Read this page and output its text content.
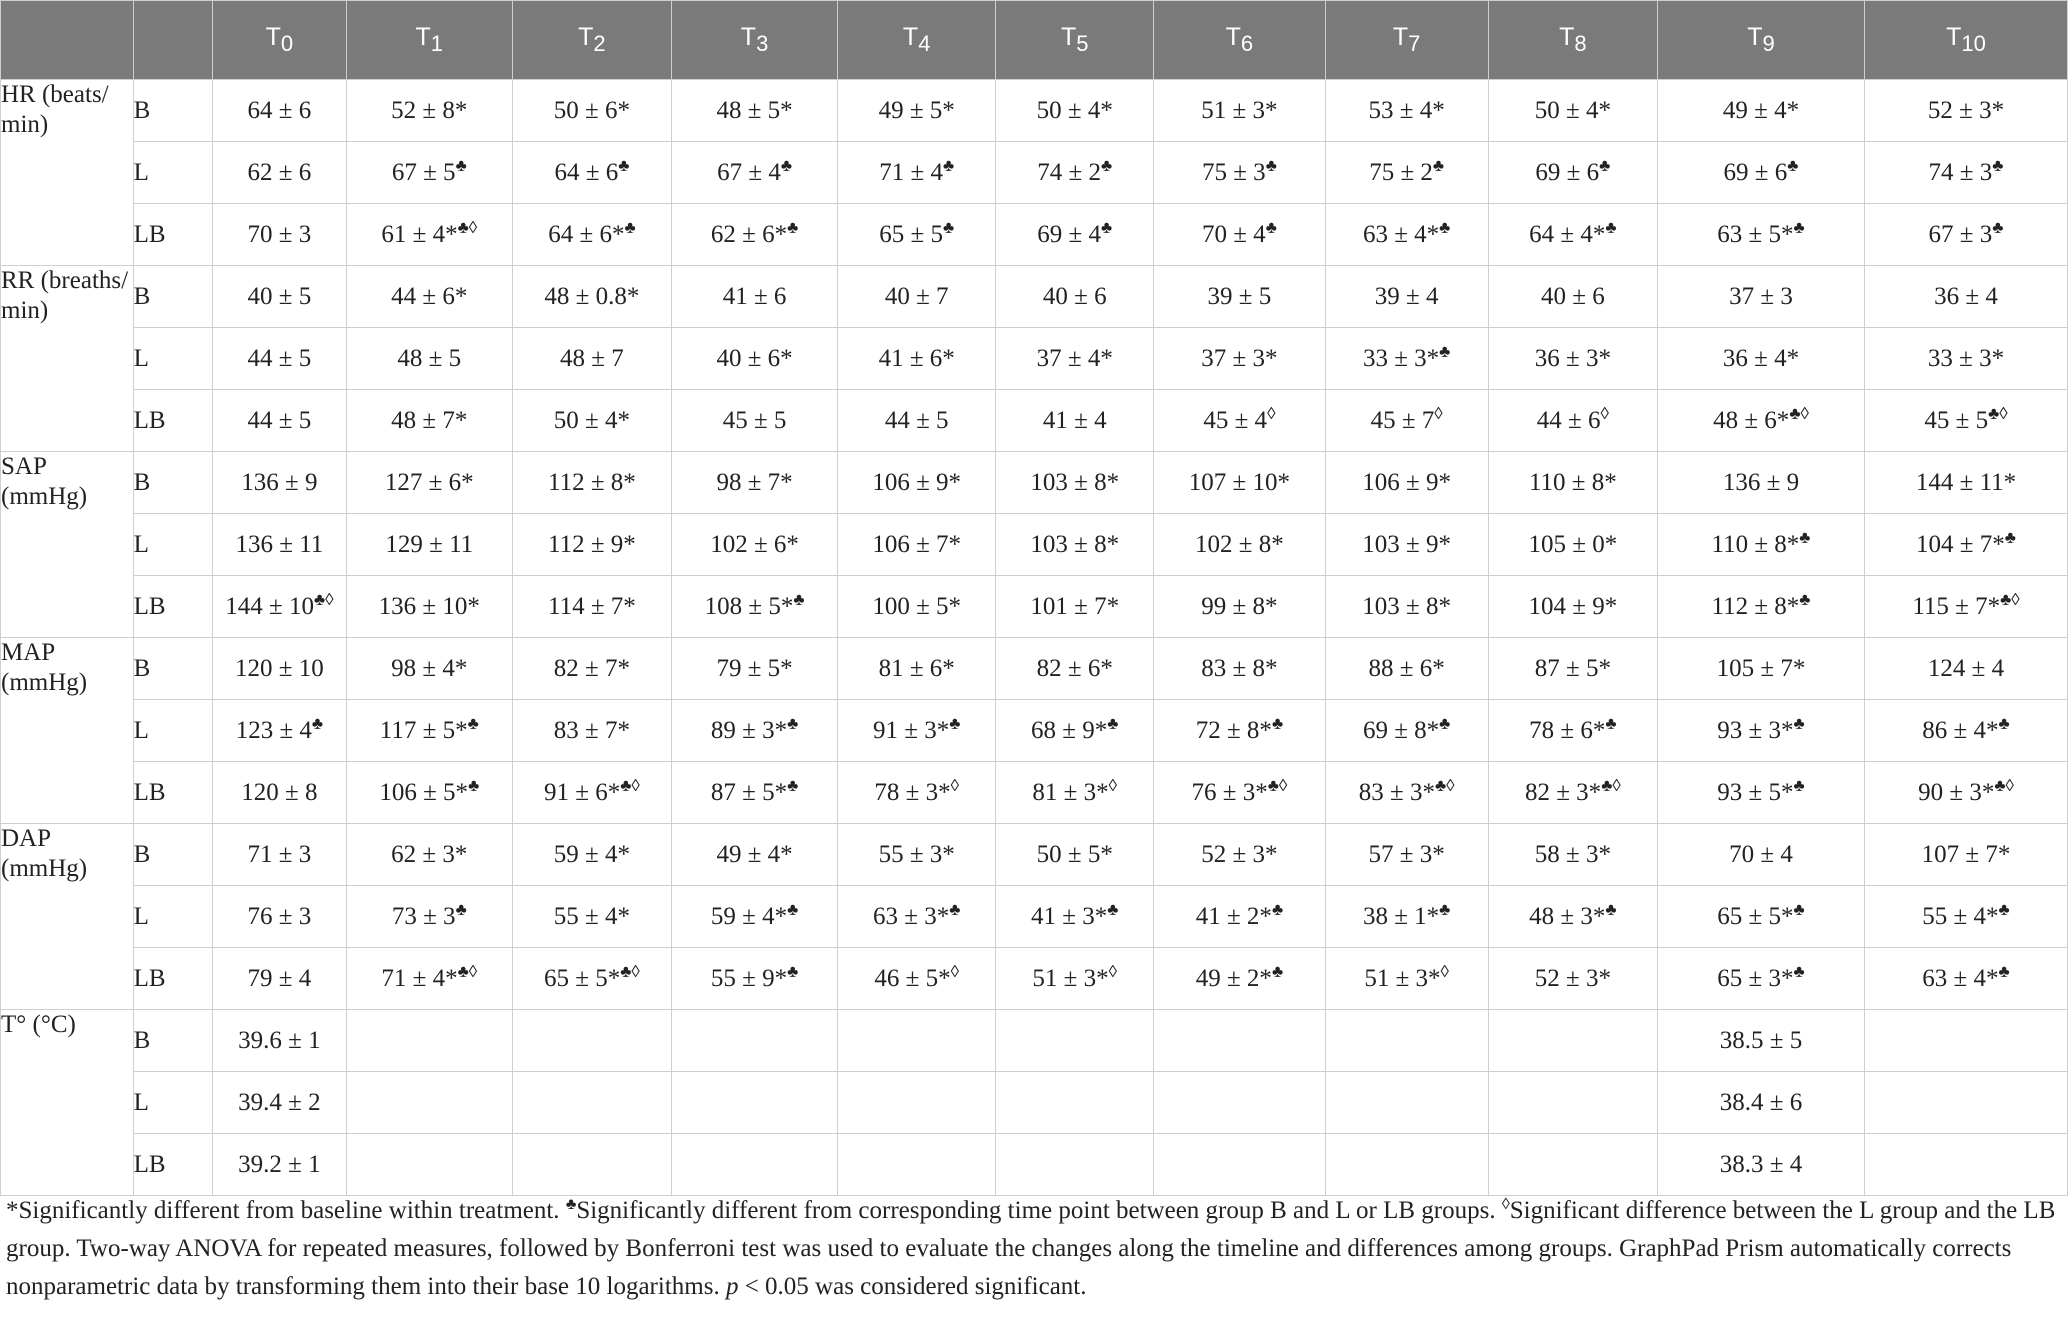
		$T_0$	$T_1$	$T_2$	$T_3$	$T_4$	$T_5$	$T_6$	$T_7$	$T_8$	$T_9$	$T_{10}$
HR (beats/ min)	B	64 ± 6	52 ± 8*	50 ± 6*	48 ± 5*	49 ± 5*	50 ± 4*	51 ± 3*	53 ± 4*	50 ± 4*	49 ± 4*	52 ± 3*
	L	62 ± 6	67 ± 5♣	64 ± 6♣	67 ± 4♣	71 ± 4♣	74 ± 2♣	75 ± 3♣	75 ± 2♣	69 ± 6♣	69 ± 6♣	74 ± 3♣
	LB	70 ± 3	61 ± 4*♣◊	64 ± 6*♣	62 ± 6*♣	65 ± 5♣	69 ± 4♣	70 ± 4♣	63 ± 4*♣	64 ± 4*♣	63 ± 5*♣	67 ± 3♣
RR (breaths/ min)	B	40 ± 5	44 ± 6*	48 ± 0.8*	41 ± 6	40 ± 7	40 ± 6	39 ± 5	39 ± 4	40 ± 6	37 ± 3	36 ± 4
	L	44 ± 5	48 ± 5	48 ± 7	40 ± 6*	41 ± 6*	37 ± 4*	37 ± 3*	33 ± 3*♣	36 ± 3*	36 ± 4*	33 ± 3*
	LB	44 ± 5	48 ± 7*	50 ± 4*	45 ± 5	44 ± 5	41 ± 4	45 ± 4◊	45 ± 7◊	44 ± 6◊	48 ± 6*♣◊	45 ± 5♣◊
SAP (mmHg)	B	136 ± 9	127 ± 6*	112 ± 8*	98 ± 7*	106 ± 9*	103 ± 8*	107 ± 10*	106 ± 9*	110 ± 8*	136 ± 9	144 ± 11*
	L	136 ± 11	129 ± 11	112 ± 9*	102 ± 6*	106 ± 7*	103 ± 8*	102 ± 8*	103 ± 9*	105 ± 0*	110 ± 8*♣	104 ± 7*♣
	LB	144 ± 10♣◊	136 ± 10*	114 ± 7*	108 ± 5*♣	100 ± 5*	101 ± 7*	99 ± 8*	103 ± 8*	104 ± 9*	112 ± 8*♣	115 ± 7*♣◊
MAP (mmHg)	B	120 ± 10	98 ± 4*	82 ± 7*	79 ± 5*	81 ± 6*	82 ± 6*	83 ± 8*	88 ± 6*	87 ± 5*	105 ± 7*	124 ± 4
	L	123 ± 4♣	117 ± 5*♣	83 ± 7*	89 ± 3*♣	91 ± 3*♣	68 ± 9*♣	72 ± 8*♣	69 ± 8*♣	78 ± 6*♣	93 ± 3*♣	86 ± 4*♣
	LB	120 ± 8	106 ± 5*♣	91 ± 6*♣◊	87 ± 5*♣	78 ± 3*◊	81 ± 3*◊	76 ± 3*♣◊	83 ± 3*♣◊	82 ± 3*♣◊	93 ± 5*♣	90 ± 3*♣◊
DAP (mmHg)	B	71 ± 3	62 ± 3*	59 ± 4*	49 ± 4*	55 ± 3*	50 ± 5*	52 ± 3*	57 ± 3*	58 ± 3*	70 ± 4	107 ± 7*
	L	76 ± 3	73 ± 3♣	55 ± 4*	59 ± 4*♣	63 ± 3*♣	41 ± 3*♣	41 ± 2*♣	38 ± 1*♣	48 ± 3*♣	65 ± 5*♣	55 ± 4*♣
	LB	79 ± 4	71 ± 4*♣◊	65 ± 5*♣◊	55 ± 9*♣	46 ± 5*◊	51 ± 3*◊	49 ± 2*♣	51 ± 3*◊	52 ± 3*	65 ± 3*♣	63 ± 4*♣
T° (°C)	B	39.6 ± 1									38.5 ± 5	
	L	39.4 ± 2									38.4 ± 6	
	LB	39.2 ± 1									38.3 ± 4	
*Significantly different from baseline within treatment. ♣Significantly different from corresponding time point between group B and L or LB groups. ◊Significant difference between the L group and the LB group. Two-way ANOVA for repeated measures, followed by Bonferroni test was used to evaluate the changes along the timeline and differences among groups. GraphPad Prism automatically corrects nonparametric data by transforming them into their base 10 logarithms. p < 0.05 was considered significant.
